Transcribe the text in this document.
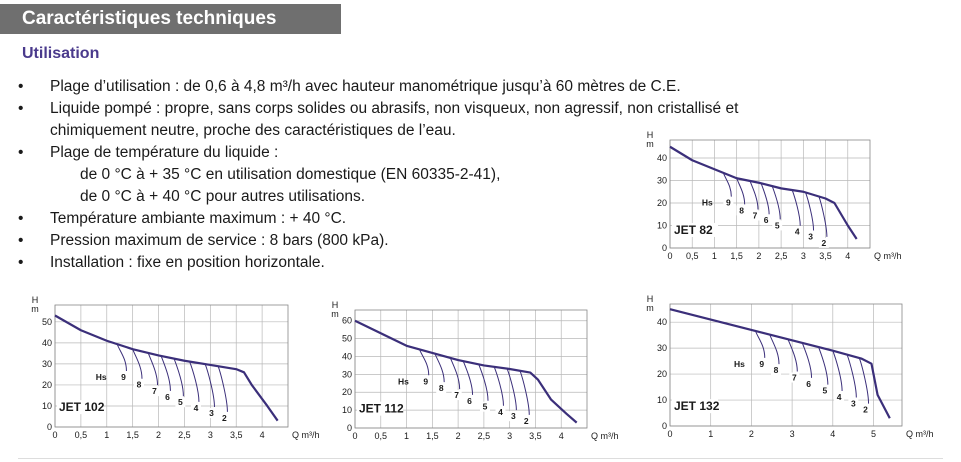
Caractéristiques techniques
Utilisation
•	Plage d’utilisation : de 0,6 à 4,8 m³/h avec hauteur manométrique jusqu’à 60 mètres de C.E.
•	Liquide pompé : propre, sans corps solides ou abrasifs, non visqueux, non agressif, non cristallisé et
chimiquement neutre, proche des caractéristiques de l’eau.
•	Plage de température du liquide :
de 0 °C à + 35 °C en utilisation domestique (EN 60335-2-41),
de 0 °C à + 40 °C pour autres utilisations.
•	Température ambiante maximum : + 40 °C.
•	Pression maximum de service : 8 bars (800 kPa).
•	Installation : fixe en position horizontale.	0 0,5 1 1,5 2 2,5 3 3,5 4
0
10
20
30
40
H
m
Q m³/h
JET 82
9
8
7 6
5
4 3
2
Hs
0 0,5 1 1,5 2 2,5 3 3,5 4
0
10
20
30
40
50
H
m
Q m³/h
JET 102
9
8
7
6
5
4
3 2
Hs
0 0,5 1 1,5 2 2,5 3 3,5 4
0
10
20
30
40
50
60
H
m
Q m³/h
JET 112
9
8
7
6
5
4 3 2
Hs
0	1	2	3	4	5
0
10
20
30
40
H
m
Q m³/h
JET 132
9
8
7
6
5
4
3
2
Hs
